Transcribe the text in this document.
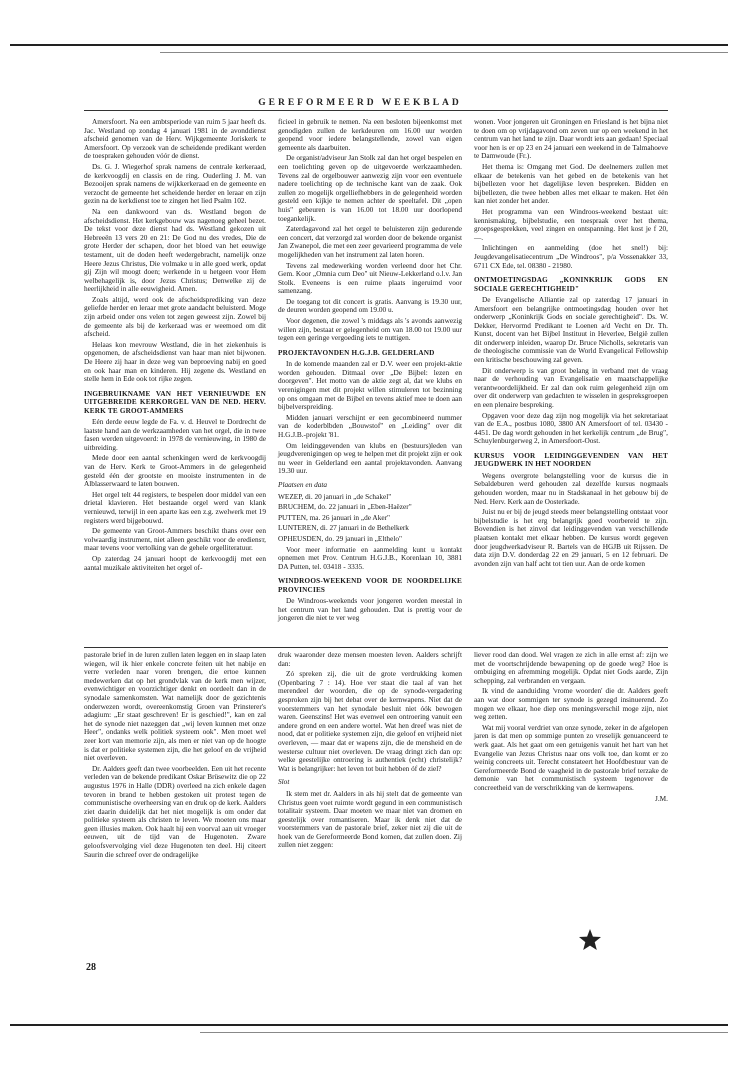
GEREFORMEERD WEEKBLAD

Amersfoort. Na een ambtsperiode van ruim 5 jaar heeft ds. Jac. Westland op zondag 4 januari 1981 in de avonddienst afscheid genomen van de Herv. Wijkgemeente Joriskerk te Amersfoort. Op verzoek van de scheidende predikant werden de toespraken gehouden vóór de dienst.

Ds. G. J. Wiegerhof sprak namens de centrale kerkeraad, de kerkvoogdij en classis en de ring. Ouderling J. M. van Bezooijen sprak namens de wijkkerkeraad en de gemeente en verzocht de gemeente het scheidende herder en leraar en zijn gezin na de kerkdienst toe te zingen het lied Psalm 102.

Na een dankwoord van ds. Westland begon de afscheidsdienst. Het kerkgebouw was nagenoeg geheel bezet. De tekst voor deze dienst had ds. Westland gekozen uit Hebreeën 13 vers 20 en 21: De God nu des vredes, Die de grote Herder der schapen, door het bloed van het eeuwige testament, uit de doden heeft wedergebracht, namelijk onze Heere Jezus Christus, Die volmake u in alle goed werk, opdat gij Zijn wil moogt doen; werkende in u hetgeen voor Hem welbehagelijk is, door Jezus Christus; Denwelke zij de heerlijkheid in alle eeuwigheid. Amen.

Zoals altijd, werd ook de afscheidsprediking van deze geliefde herder en leraar met grote aandacht beluisterd. Moge zijn arbeid onder ons velen tot zegen geweest zijn. Zowel bij de gemeente als bij de kerkeraad was er weemoed om dit afscheid.

Helaas kon mevrouw Westland, die in het ziekenhuis is opgenomen, de afscheidsdienst van haar man niet bijwonen. De Heere zij haar in deze weg van beproeving nabij en goed en ook haar man en kinderen. Hij zegene ds. Westland en stelle hem in Ede ook tot rijke zegen.

INGEBRUIKNAME VAN HET VERNIEUWDE EN UITGEBREIDE KERKORGEL VAN DE NED. HERV. KERK TE GROOT-AMMERS

Eén derde eeuw legde de Fa. v. d. Heuvel te Dordrecht de laatste hand aan de werkzaamheden van het orgel, die in twee fasen werden uitgevoerd: in 1978 de vernieuwing, in 1980 de uitbreiding.

Mede door een aantal schenkingen werd de kerkvoogdij van de Herv. Kerk te Groot-Ammers in de gelegenheid gesteld één der grootste en mooiste instrumenten in de Alblasserwaard te laten bouwen.

Het orgel telt 44 registers, te bespelen door middel van een drietal klavieren. Het bestaande orgel werd van klank vernieuwd, terwijl in een aparte kas een z.g. zwelwerk met 19 registers werd bijgebouwd.

De gemeente van Groot-Ammers beschikt thans over een volwaardig instrument, niet alleen geschikt voor de erediensт, maar tevens voor vertolking van de gehele orgelliteratuur.

Op zaterdag 24 januari hoopt de kerkvoogdij met een aantal muzikale aktiviteiten het orgel of-

ficieel in gebruik te nemen. Na een besloten bijeenkomst met genodigden zullen de kerkdeuren om 16.00 uur worden geopend voor iedere belangstellende, zowel van eigen gemeente als daarbuiten.

De organist/adviseur Jan Stolk zal dan het orgel bespelen en een toelichting geven op de uitgevoerde werkzaamheden. Tevens zal de orgelbouwer aanwezig zijn voor een eventuele nadere toelichting op de technische kant van de zaak. Ook zullen zo mogelijk orgelliefhebbers in de gelegenheid worden gesteld een kijkje te nemen achter de speeltafel. Dit „open huis" gebeuren is van 16.00 tot 18.00 uur doorlopend toegankelijk.

Zaterdagavond zal het orgel te beluisteren zijn gedurende een concert, dat verzorgd zal worden door de bekende organist Jan Zwanepol, die met een zeer gevarieerd programma de vele mogelijkheden van het instrument zal laten horen.

Tevens zal medewerking worden verleend door het Chr. Gem. Koor „Omnia cum Deo" uit Nieuw-Lekkerland o.l.v. Jan Stolk. Eveneens is een ruime plaats ingeruimd voor samenzang.

De toegang tot dit concert is gratis. Aanvang is 19.30 uur, de deuren worden geopend om 19.00 u.

Voor degenen, die zowel 's middags als 's avonds aanwezig willen zijn, bestaat er gelegenheid om van 18.00 tot 19.00 uur tegen een geringe vergoeding iets te nuttigen.

PROJEKTAVONDEN H.G.J.B. GELDERLAND

In de komende maanden zal er D.V. weer een projekt-aktie worden gehouden. Ditmaal over „De Bijbel: lezen en doorgeven". Het motto van de aktie zegt al, dat we klubs en verenigingen met dit projekt willen stimuleren tot bezinning op ons omgaan met de Bijbel en tevens aktief mee te doen aan bijbelverspreiding.

Midden januari verschijnt er een gecombineerd nummer van de koderblbden „Bouwstof" en „Leiding" over dit H.G.J.B.-projekt '81.

Om leidinggevenden van klubs en (bestuurs)leden van jeugdverenigingen op weg te helpen met dit projekt zijn er ook nu weer in Gelderland een aantal projektavonden. Aanvang 19.30 uur.

Plaatsen en data

WEZEP, di. 20 januari in „de Schakel"

BRUCHEM, do. 22 januari in „Eben-Haëzer"

PUTTEN, ma. 26 januari in „de Aker"

LUNTEREN, di. 27 januari in de Bethelkerk

OPHEUSDEN, do. 29 januari in „Elthelo"

Voor meer informatie en aanmelding kunt u kontakt opnemen met Prov. Centrum H.G.J.B., Korenlaan 10, 3881 DA Putten, tel. 03418 - 3335.

WINDROOS-WEEKEND VOOR DE NOORDELIJKE PROVINCIES

De Windroos-weekends voor jongeren worden meestal in het centrum van het land gehouden. Dat is prettig voor de jongeren die niet te ver weg

wonen. Voor jongeren uit Groningen en Friesland is het bijna niet te doen om op vrijdagavond om zeven uur op een weekend in het centrum van het land te zijn. Daar wordt iets aan gedaan! Speciaal voor hen is er op 23 en 24 januari een weekend in de Talmahoeve te Damwoude (Fr.).

Het thema is: Omgang met God. De deelnemers zullen met elkaar de betekenis van het gebed en de betekenis van het bijbellezen voor het dagelijkse leven bespreken. Bidden en bijbellezen, die twee hebben alles met elkaar te maken. Het één kan niet zonder het ander.

Het programma van een Windroos-weekend bestaat uit: kennismaking, bijbelstudie, een toespraak over het thema, groepsgesprekken, veel zingen en ontspanning. Het kost je f 20,—.

Inlichtingen en aanmelding (doe het snel!) bij: Jeugdevangelisatiecentrum „De Windroos", p/a Vossenakker 33, 6711 CX Ede, tel. 08380 - 21980.

ONTMOETINGSDAG „KONINKRIJK GODS EN SOCIALE GERECHTIGHEID"

De Evangelische Alliantie zal op zaterdag 17 januari in Amersfoort een belangrijke ontmoetingsdag houden over het onderwerp „Koninkrijk Gods en sociale gerechtigheid". Ds. W. Dekker, Hervormd Predikant te Loenen a/d Vecht en Dr. Th. Kunst, docent van het Bijbel Instituut in Heverlee, België zullen dit onderwerp inleiden, waarop Dr. Bruce Nicholls, sekretaris van de theologische commissie van de World Evangelical Fellowship een kritische beschouwing zal geven.

Dit onderwerp is van groot belang in verband met de vraag naar de verhouding van Evangelisatie en maatschappelijke verantwoordelijkheid. Er zal dan ook ruim gelegenheid zijn om over dit onderwerp van gedachten te wisselen in gespreksgroepen en een plenaire bespreking.

Opgaven voor deze dag zijn nog mogelijk via het sekretariaat van de E.A., postbus 1080, 3800 AN Amersfoort of tel. 03430 - 4451. De dag wordt gehouden in het kerkelijk centrum „de Brug", Schuylenburgerweg 2, in Amersfoort-Oost.

KURSUS VOOR LEIDINGGEVENDEN VAN HET JEUGDWERK IN HET NOORDEN

Wegens overgrote belangstelling voor de kursus die in Sebaldeburen werd gehouden zal dezelfde kursus nogmaals gehouden worden, maar nu in Stadskanaal in het gebouw bij de Ned. Herv. Kerk aan de Oosterkade.

Juist nu er bij de jeugd steeds meer belangstelling ontstaat voor bijbelstudie is het erg belangrijk goed voorbereid te zijn. Bovendien is het zinvol dat leidinggevenden van verschillende plaatsen kontakt met elkaar hebben. De kursus wordt gegeven door jeugdwerkadviseur R. Bartels van de HGJB uit Rijssen. De data zijn D.V. donderdag 22 en 29 januari, 5 en 12 februari. De avonden zijn van half acht tot tien uur. Aan de orde komen

pastorale brief in de luren zullen laten leggen en in slaap laten wiegen, wil ik hier enkele concrete feiten uit het nabije en verre verleden naar voren brengen, die ertoe kunnen medewerken dat op het grondvlak van de kerk men wijzer, evenwichtiger en voorzichtiger denkt en oordeelt dan in de synodale samenkomsten. Wat namelijk door de gezichtenis onderwezen wordt, overeenkomstig Groen van Prinsterer's adagium: „Er staat geschreven! Er is geschied!", kan en zal het de synode niet nazeggen dat „wij leven kunnen met onze Heer", ondanks welk politiek systeem ook". Men moet wel zeer kort van memorie zijn, als men er niet van op de hoogte is dat er politieke systemen zijn, die het geloof en de vrijheid niet overleven.

Dr. Aalders geeft dan twee voorbeelden. Een uit het recente verleden van de bekende predikant Oskar Brüsewitz die op 22 augustus 1976 in Halle (DDR) overleed na zich enkele dagen tevoren in brand te hebben gestoken uit protest tegen de communistische overheersing van en druk op de kerk. Aalders ziet daarin duidelijk dat het niet mogelijk is om onder dat politieke systeem als christen te leven. We moeten ons maar geen illusies maken. Ook haalt hij een voorval aan uit vroeger eeuwen, uit de tijd van de Hugenoten. Zware geloofsvervolging viel deze Hugenoten ten deel. Hij citeert Saurin die schreef over de ondragelijke

druk waaronder deze mensen moesten leven. Aalders schrijft dan:

Zó spreken zij, die uit de grote verdrukking komen (Openbaring 7 : 14). Hoe ver staat die taal af van het merendeel der woorden, die op de synode-vergadering gesproken zijn bij het debat over de kernwapens. Niet dat de voorstemmers van het synodale besluit niet óók bewogen waren. Geenszins! Het was evenwel een ontroering vanuit een andere grond en een andere wortel. Wat hen dreef was niet de nood, dat er politieke systemen zijn, die geloof en vrijheid niet overleven, — maar dat er wapens zijn, die de mensheid en de westerse cultuur niet overleven. De vraag dringt zich dan op: welke geestelijke ontroering is authentiek (echt) christelijk? Wat is belangrijker: het leven tot buit hebben óf de ziel?

Slot

Ik stem met dr. Aalders in als hij stelt dat de gemeente van Christus geen voet ruimte wordt gegund in een communistisch totalitair systeem. Daar moeten we maar niet van dromen en geestelijk over romantiseren. Maar ik denk niet dat de voorstemmers van de pastorale brief, zeker niet zij die uit de hoek van de Gereformeerde Bond komen, dat zullen doen. Zij zullen niet zeggen:

liever rood dan dood. Wel vragen ze zich in alle ernst af: zijn we met de voortschrijdende bewapening op de goede weg? Hoe is ombuiging en afremming mogelijk. Opdat niet Gods aarde, Zijn schepping, zal verbranden en vergaan.

Ik vind de aanduiding 'vrome woorden' die dr. Aalders geeft aan wat door sommigen ter synode is gezegd insinuerend. Zo mogen we elkaar, hoe diep ons meningsverschil moge zijn, niet weg zetten.

Wat mij vooral verdriet van onze synode, zeker in de afgelopen jaren is dat men op sommige punten zo vreselijk genuanceerd te werk gaat. Als het gaat om een getuigenis vanuit het hart van het Evangelie van Jezus Christus naar ons volk toe, dan komt er zo weinig concreets uit. Terecht constateert het Hoofdbestuur van de Gereformeerde Bond de vaagheid in de pastorale brief terzake de demonie van het communistisch systeem tegenover de concreetheid van de verschrikking van de kernwapens.

J.M.
28
